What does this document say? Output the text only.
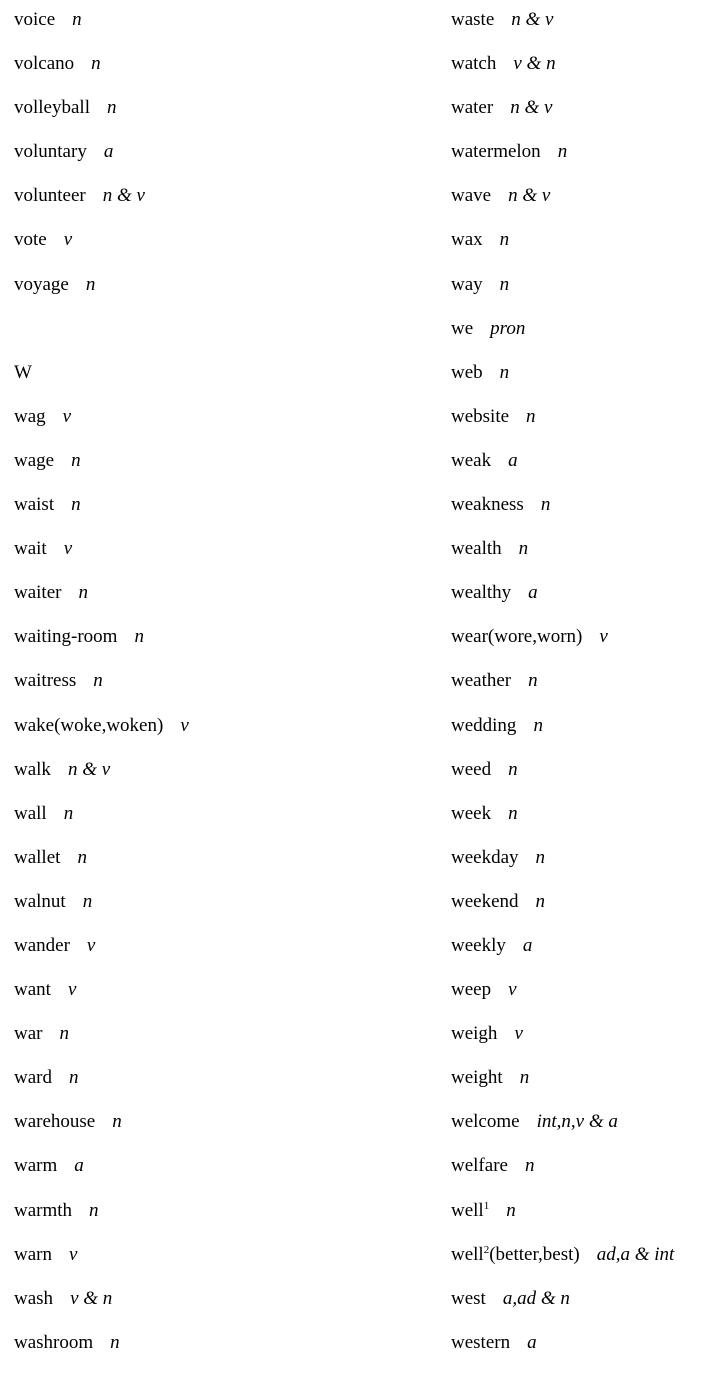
voice n
volcano n
volleyball n
voluntary a
volunteer n & v
vote v
voyage n
W
wag v
wage n
waist n
wait v
waiter n
waiting-room n
waitress n
wake(woke,woken) v
walk n & v
wall n
wallet n
walnut n
wander v
want v
war n
ward n
warehouse n
warm a
warmth n
warn v
wash v & n
washroom n
waste n & v
watch v & n
water n & v
watermelon n
wave n & v
wax n
way n
we pron
web n
website n
weak a
weakness n
wealth n
wealthy a
wear(wore,worn) v
weather n
wedding n
weed n
week n
weekday n
weekend n
weekly a
weep v
weigh v
weight n
welcome int,n,v & a
welfare n
well$^1$ n
well$^2$(better,best) ad,a & int
west a,ad & n
western a
